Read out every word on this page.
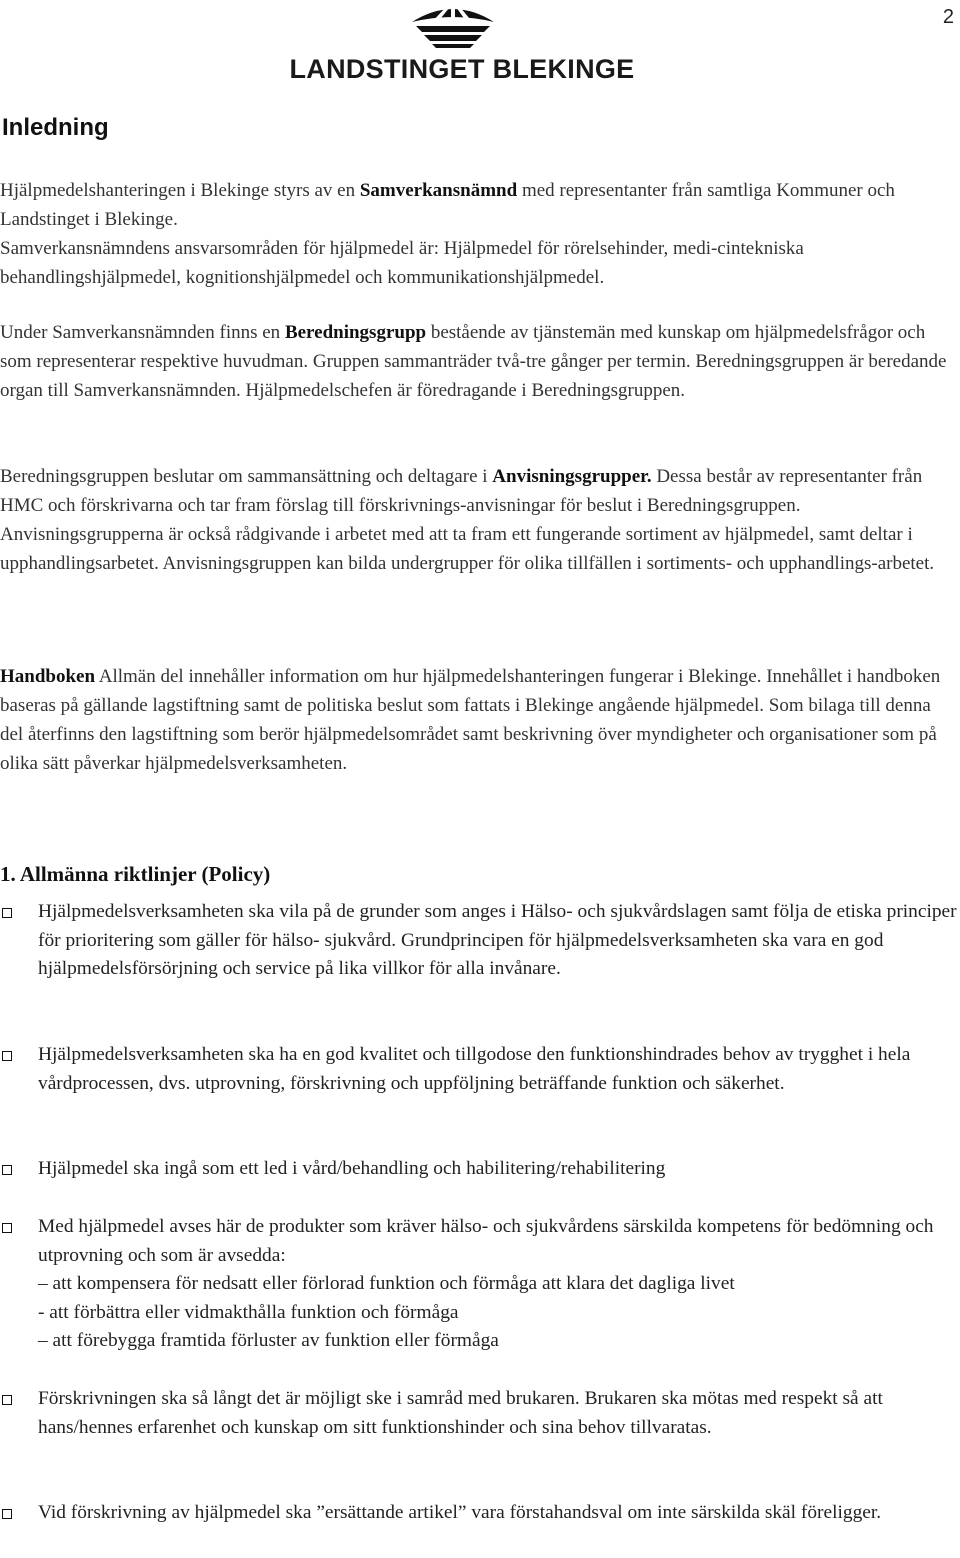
2
LANDSTINGET BLEKINGE
Inledning
Hjälpmedelshanteringen i Blekinge styrs av en Samverkansnämnd med representanter från samtliga Kommuner och Landstinget i Blekinge.
Samverkansnämndens ansvarsområden för hjälpmedel är: Hjälpmedel för rörelsehinder, medi-cintekniska behandlingshjälpmedel, kognitionshjälpmedel och kommunikationshjälpmedel.
Under Samverkansnämnden finns en Beredningsgrupp bestående av tjänstemän med kunskap om hjälpmedelsfrågor och som representerar respektive huvudman. Gruppen sammanträder två-tre gånger per termin. Beredningsgruppen är beredande organ till Samverkansnämnden. Hjälpmedelschefen är föredragande i Beredningsgruppen.
Beredningsgruppen beslutar om sammansättning och deltagare i Anvisningsgrupper. Dessa består av representanter från HMC och förskrivarna och tar fram förslag till förskrivnings-anvisningar för beslut i Beredningsgruppen. Anvisningsgrupperna är också rådgivande i arbetet med att ta fram ett fungerande sortiment av hjälpmedel, samt deltar i upphandlingsarbetet. Anvisningsgruppen kan bilda undergrupper för olika tillfällen i sortiments- och upphandlings-arbetet.
Handboken Allmän del innehåller information om hur hjälpmedelshanteringen fungerar i Blekinge. Innehållet i handboken baseras på gällande lagstiftning samt de politiska beslut som fattats i Blekinge angående hjälpmedel. Som bilaga till denna del återfinns den lagstiftning som berör hjälpmedelsområdet samt beskrivning över myndigheter och organisationer som på olika sätt påverkar hjälpmedelsverksamheten.
1. Allmänna riktlinjer (Policy)

Hjälpmedelsverksamheten ska vila på de grunder som anges i Hälso- och sjukvårdslagen samt följa de etiska principer för prioritering som gäller för hälso- sjukvård. Grundprincipen för hjälpmedelsverksamheten ska vara en god hjälpmedelsförsörjning och service på lika villkor för alla invånare.

Hjälpmedelsverksamheten ska ha en god kvalitet och tillgodose den funktionshindrades behov av trygghet i hela vårdprocessen, dvs. utprovning, förskrivning och uppföljning beträffande funktion och säkerhet.

Hjälpmedel ska ingå som ett led i vård/behandling och habilitering/rehabilitering

Med hjälpmedel avses här de produkter som kräver hälso- och sjukvårdens särskilda kompetens för bedömning och utprovning och som är avsedda:
– att kompensera för nedsatt eller förlorad funktion och förmåga att klara det dagliga livet
- att förbättra eller vidmakthålla funktion och förmåga
– att förebygga framtida förluster av funktion eller förmåga

Förskrivningen ska så långt det är möjligt ske i samråd med brukaren. Brukaren ska mötas med respekt så att hans/hennes erfarenhet och kunskap om sitt funktionshinder och sina behov tillvaratas.

Vid förskrivning av hjälpmedel ska ”ersättande artikel” vara förstahandsval om inte särskilda skäl föreligger.
